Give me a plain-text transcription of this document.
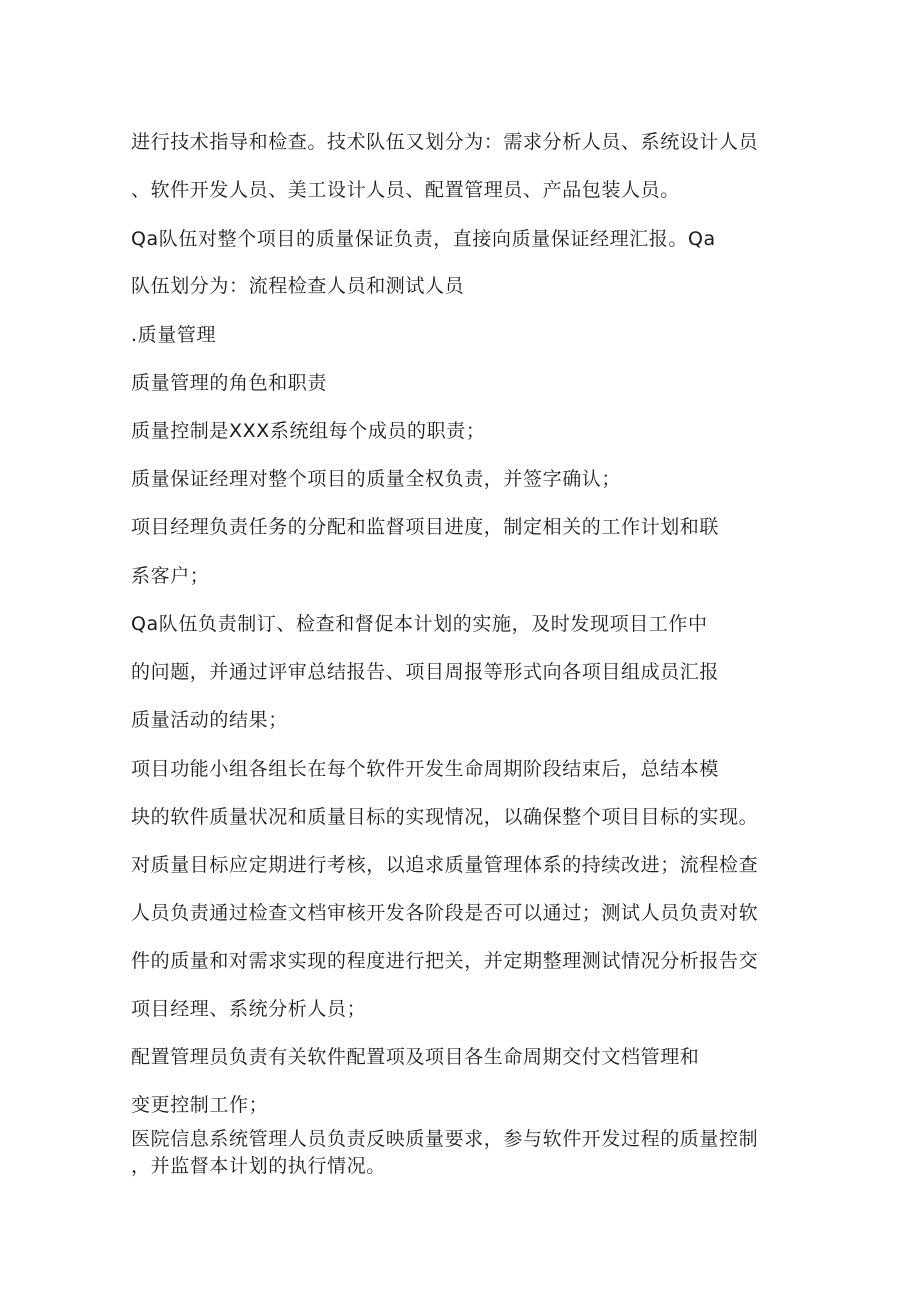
进行技术指导和检查。技术队伍又划分为：需求分析人员、系统设计人员
、软件开发人员、美工设计人员、配置管理员、产品包装人员。
Qa队伍对整个项目的质量保证负责，直接向质量保证经理汇报。Qa
队伍划分为：流程检查人员和测试人员
.质量管理
质量管理的角色和职责
质量控制是XXX系统组每个成员的职责；
质量保证经理对整个项目的质量全权负责，并签字确认；
项目经理负责任务的分配和监督项目进度，制定相关的工作计划和联
系客户；
Qa队伍负责制订、检查和督促本计划的实施，及时发现项目工作中
的问题，并通过评审总结报告、项目周报等形式向各项目组成员汇报
质量活动的结果；
项目功能小组各组长在每个软件开发生命周期阶段结束后，总结本模
块的软件质量状况和质量目标的实现情况，以确保整个项目目标的实现。
对质量目标应定期进行考核，以追求质量管理体系的持续改进；流程检查
人员负责通过检查文档审核开发各阶段是否可以通过；测试人员负责对软
件的质量和对需求实现的程度进行把关，并定期整理测试情况分析报告交
项目经理、系统分析人员；
配置管理员负责有关软件配置项及项目各生命周期交付文档管理和
变更控制工作；
医院信息系统管理人员负责反映质量要求，参与软件开发过程的质量控制
，并监督本计划的执行情况。
